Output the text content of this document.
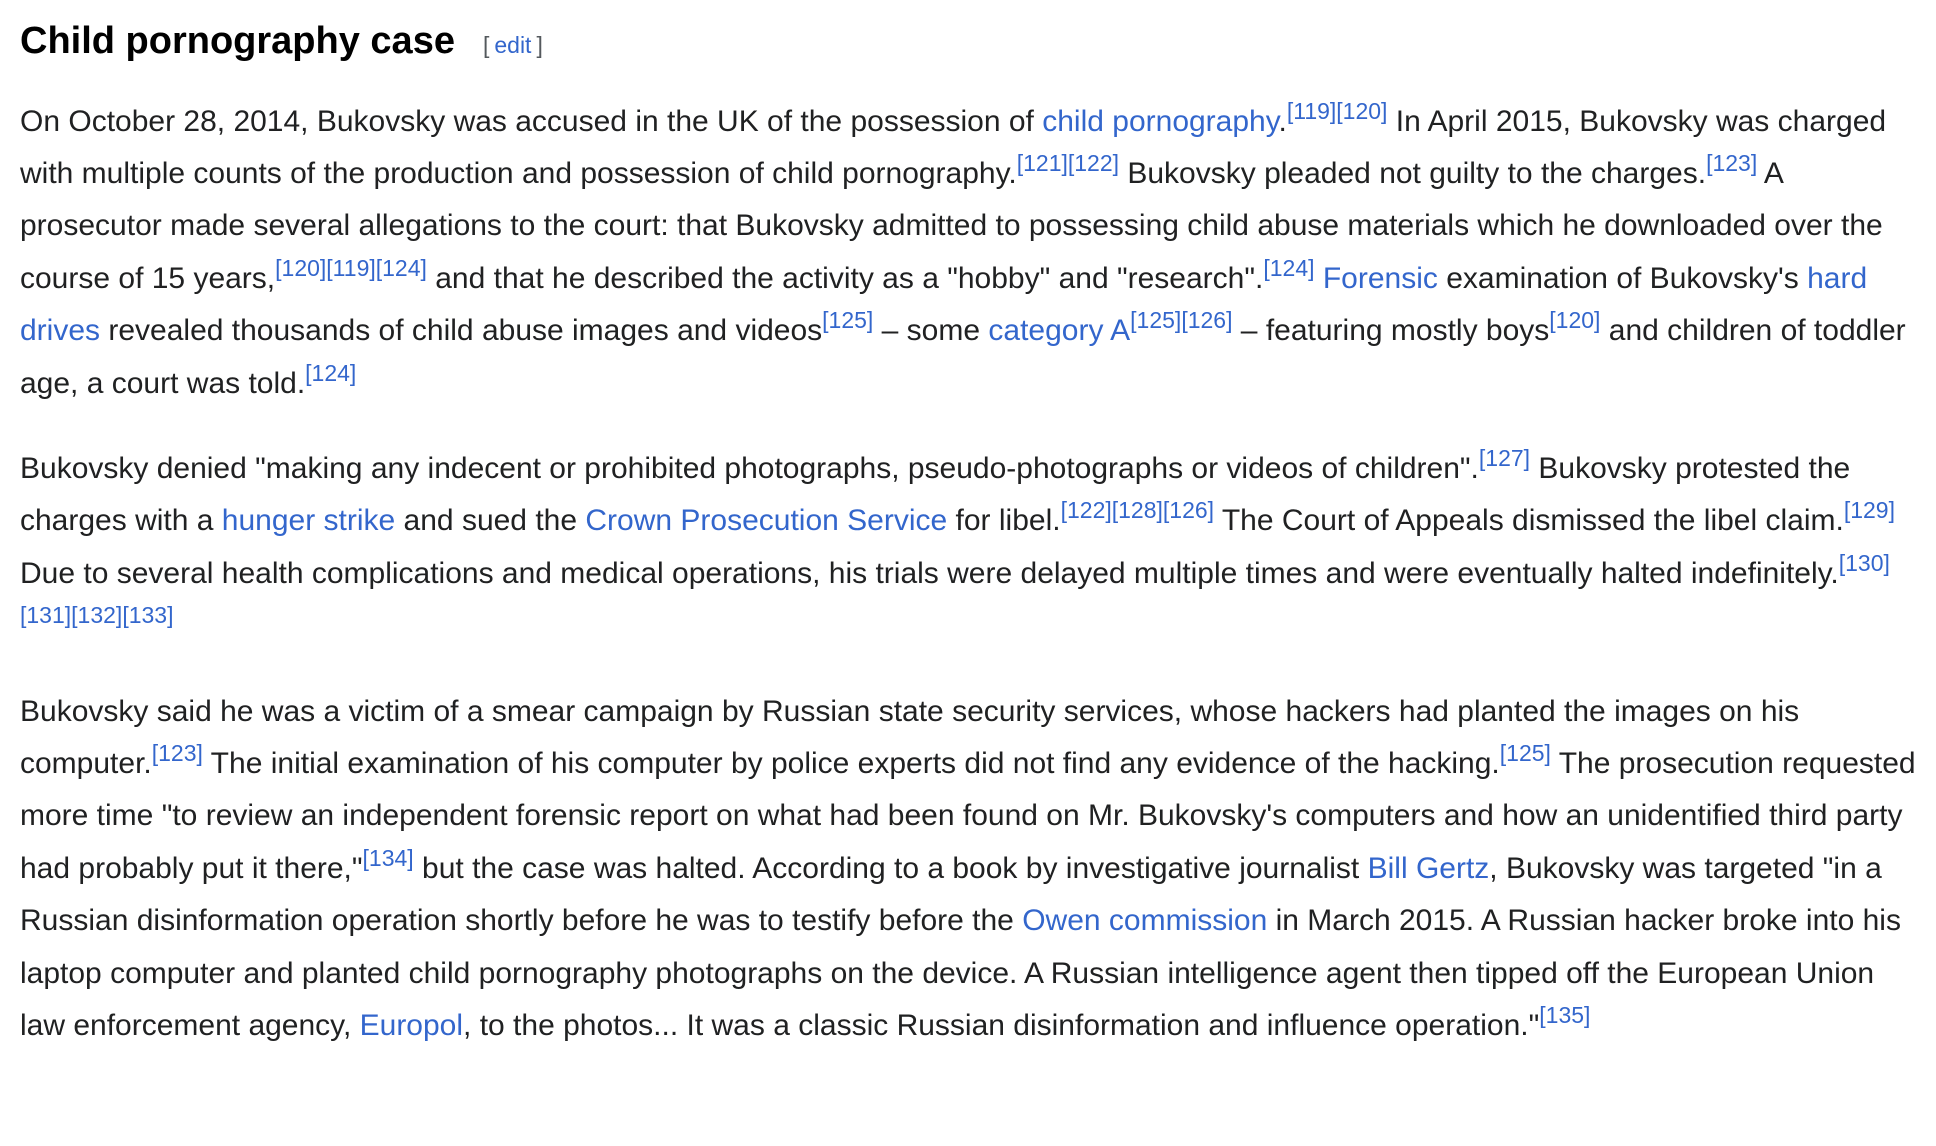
Child pornography case [ edit ]

On October 28, 2014, Bukovsky was accused in the UK of the possession of child pornography.[119][120] In April 2015, Bukovsky was charged with multiple counts of the production and possession of child pornography.[121][122] Bukovsky pleaded not guilty to the charges.[123] A prosecutor made several allegations to the court: that Bukovsky admitted to possessing child abuse materials which he downloaded over the course of 15 years,[120][119][124] and that he described the activity as a "hobby" and "research".[124] Forensic examination of Bukovsky's hard drives revealed thousands of child abuse images and videos[125] – some category A[125][126] – featuring mostly boys[120] and children of toddler age, a court was told.[124]

Bukovsky denied "making any indecent or prohibited photographs, pseudo-photographs or videos of children".[127] Bukovsky protested the charges with a hunger strike and sued the Crown Prosecution Service for libel.[122][128][126] The Court of Appeals dismissed the libel claim.[129] Due to several health complications and medical operations, his trials were delayed multiple times and were eventually halted indefinitely.[130][131][132][133]

Bukovsky said he was a victim of a smear campaign by Russian state security services, whose hackers had planted the images on his computer.[123] The initial examination of his computer by police experts did not find any evidence of the hacking.[125] The prosecution requested more time "to review an independent forensic report on what had been found on Mr. Bukovsky's computers and how an unidentified third party had probably put it there,"[134] but the case was halted. According to a book by investigative journalist Bill Gertz, Bukovsky was targeted "in a Russian disinformation operation shortly before he was to testify before the Owen commission in March 2015. A Russian hacker broke into his laptop computer and planted child pornography photographs on the device. A Russian intelligence agent then tipped off the European Union law enforcement agency, Europol, to the photos... It was a classic Russian disinformation and influence operation."[135]
